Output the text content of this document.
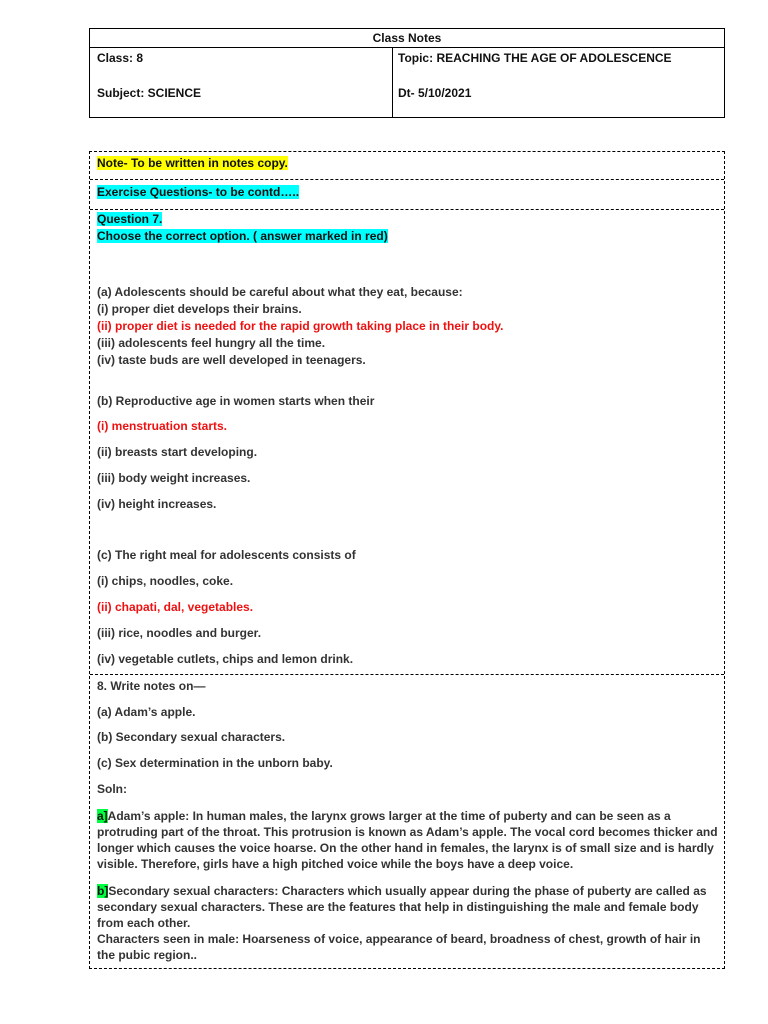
Class Notes
Class: 8	Topic: REACHING THE AGE OF ADOLESCENCE
Subject: SCIENCE	Dt- 5/10/2021
Note- To be written in notes copy.
Exercise Questions- to be contd…..
Question 7.
Choose the correct option. ( answer marked in red)
(a) Adolescents should be careful about what they eat, because:
(i) proper diet develops their brains.
(ii) proper diet is needed for the rapid growth taking place in their body.
(iii) adolescents feel hungry all the time.
(iv) taste buds are well developed in teenagers.
(b) Reproductive age in women starts when their
(i) menstruation starts.
(ii) breasts start developing.
(iii) body weight increases.
(iv) height increases.
(c) The right meal for adolescents consists of
(i) chips, noodles, coke.
(ii) chapati, dal, vegetables.
(iii) rice, noodles and burger.
(iv) vegetable cutlets, chips and lemon drink.
8. Write notes on—
(a) Adam’s apple.
(b) Secondary sexual characters.
(c) Sex determination in the unborn baby.
Soln:
a]Adam’s apple: In human males, the larynx grows larger at the time of puberty and can be seen as a protruding part of the throat. This protrusion is known as Adam’s apple. The vocal cord becomes thicker and longer which causes the voice hoarse. On the other hand in females, the larynx is of small size and is hardly visible. Therefore, girls have a high pitched voice while the boys have a deep voice.
b]Secondary sexual characters: Characters which usually appear during the phase of puberty are called as secondary sexual characters. These are the features that help in distinguishing the male and female body from each other.
Characters seen in male: Hoarseness of voice, appearance of beard, broadness of chest, growth of hair in the pubic region..
